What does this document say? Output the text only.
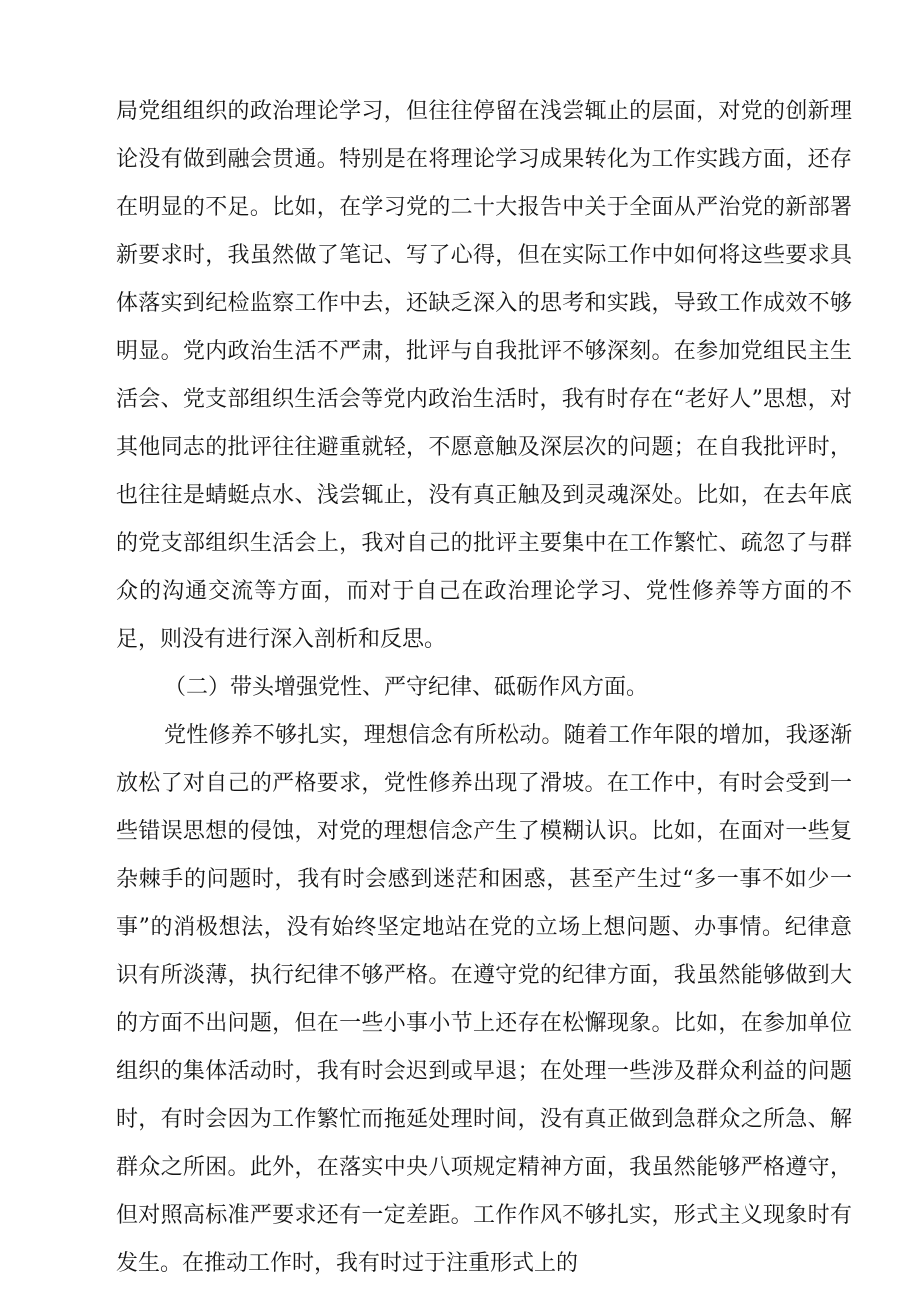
局党组组织的政治理论学习，但往往停留在浅尝辄止的层面，对党的创新理论没有做到融会贯通。特别是在将理论学习成果转化为工作实践方面，还存在明显的不足。比如，在学习党的二十大报告中关于全面从严治党的新部署新要求时，我虽然做了笔记、写了心得，但在实际工作中如何将这些要求具体落实到纪检监察工作中去，还缺乏深入的思考和实践，导致工作成效不够明显。党内政治生活不严肃，批评与自我批评不够深刻。在参加党组民主生活会、党支部组织生活会等党内政治生活时，我有时存在“老好人”思想，对其他同志的批评往往避重就轻，不愿意触及深层次的问题；在自我批评时，也往往是蜻蜓点水、浅尝辄止，没有真正触及到灵魂深处。比如，在去年底的党支部组织生活会上，我对自己的批评主要集中在工作繁忙、疏忽了与群众的沟通交流等方面，而对于自己在政治理论学习、党性修养等方面的不足，则没有进行深入剖析和反思。

（二）带头增强党性、严守纪律、砥砺作风方面。

党性修养不够扎实，理想信念有所松动。随着工作年限的增加，我逐渐放松了对自己的严格要求，党性修养出现了滑坡。在工作中，有时会受到一些错误思想的侵蚀，对党的理想信念产生了模糊认识。比如，在面对一些复杂棘手的问题时，我有时会感到迷茫和困惑，甚至产生过“多一事不如少一事”的消极想法，没有始终坚定地站在党的立场上想问题、办事情。纪律意识有所淡薄，执行纪律不够严格。在遵守党的纪律方面，我虽然能够做到大的方面不出问题，但在一些小事小节上还存在松懈现象。比如，在参加单位组织的集体活动时，我有时会迟到或早退；在处理一些涉及群众利益的问题时，有时会因为工作繁忙而拖延处理时间，没有真正做到急群众之所急、解群众之所困。此外，在落实中央八项规定精神方面，我虽然能够严格遵守，但对照高标准严要求还有一定差距。工作作风不够扎实，形式主义现象时有发生。在推动工作时，我有时过于注重形式上的
